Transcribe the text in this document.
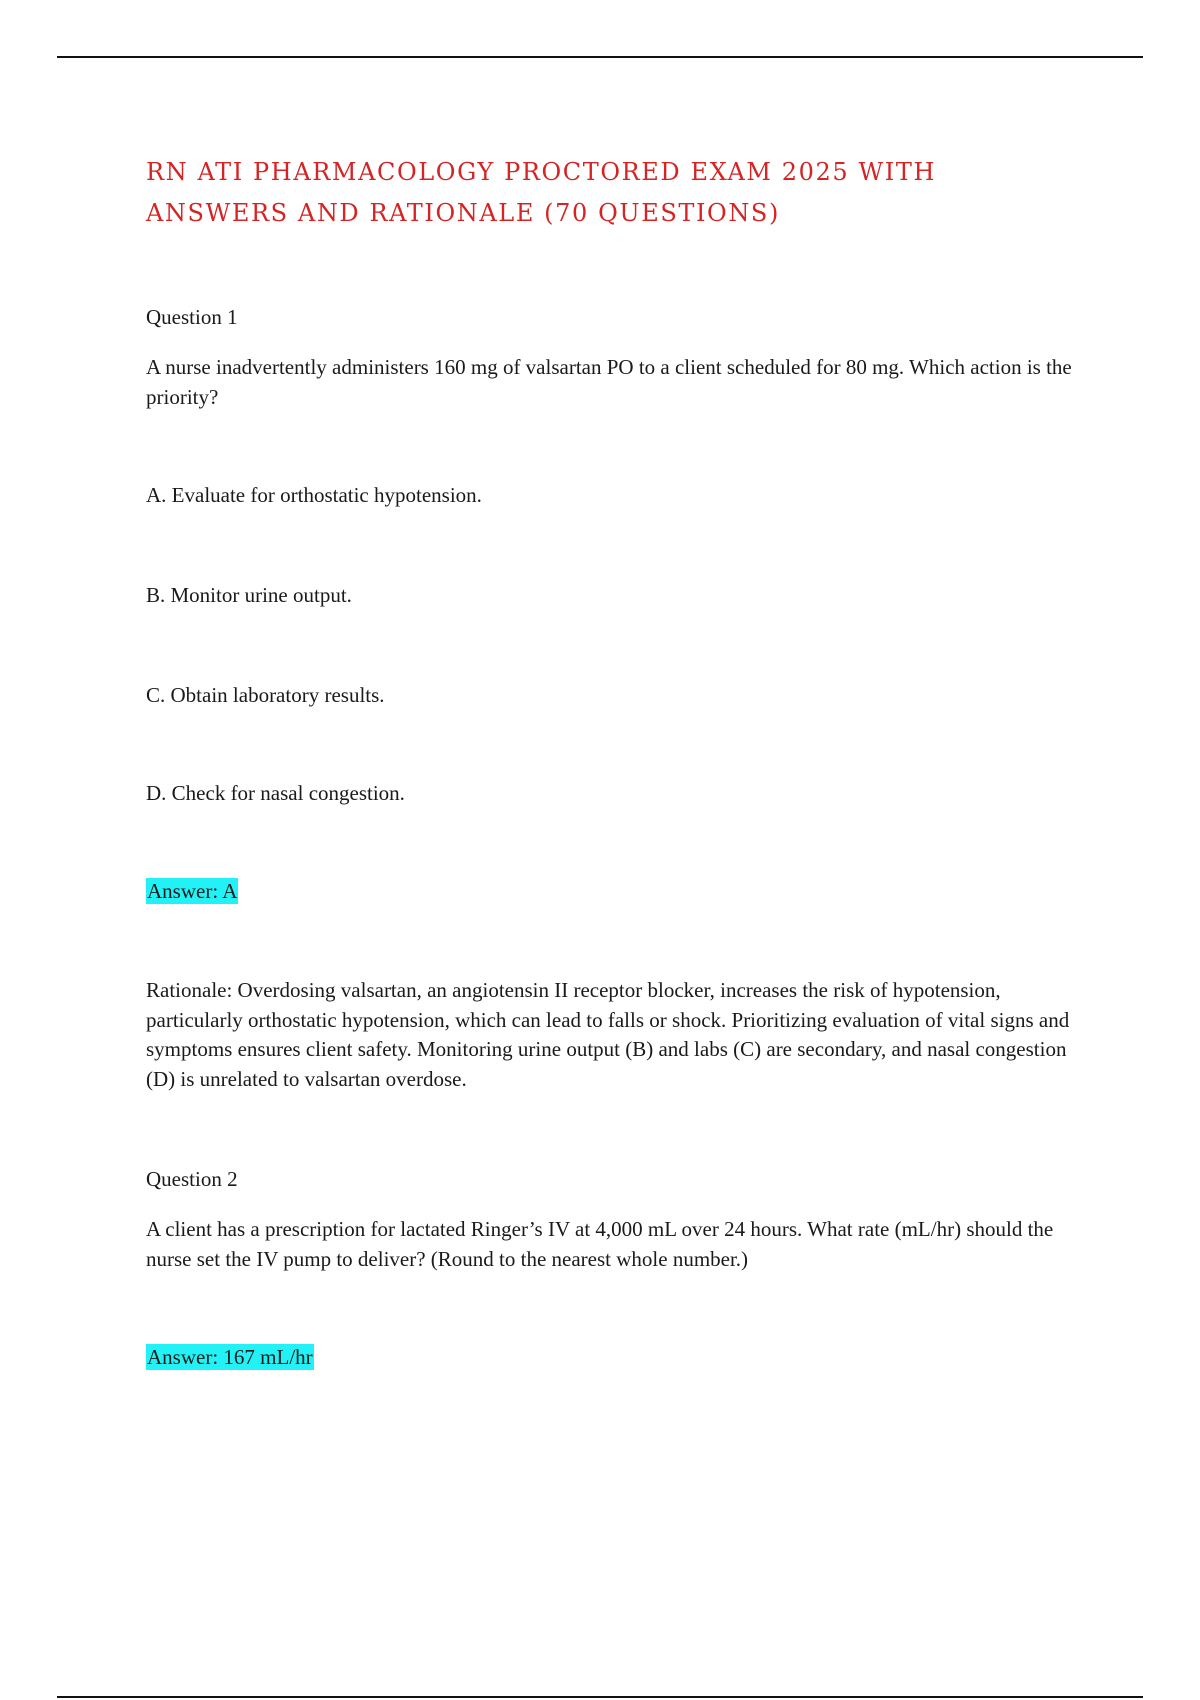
RN ATI PHARMACOLOGY PROCTORED EXAM 2025 WITH ANSWERS AND RATIONALE (70 QUESTIONS)
Question 1
A nurse inadvertently administers 160 mg of valsartan PO to a client scheduled for 80 mg. Which action is the priority?
A. Evaluate for orthostatic hypotension.
B. Monitor urine output.
C. Obtain laboratory results.
D. Check for nasal congestion.
Answer: A
Rationale: Overdosing valsartan, an angiotensin II receptor blocker, increases the risk of hypotension, particularly orthostatic hypotension, which can lead to falls or shock. Prioritizing evaluation of vital signs and symptoms ensures client safety. Monitoring urine output (B) and labs (C) are secondary, and nasal congestion (D) is unrelated to valsartan overdose.
Question 2
A client has a prescription for lactated Ringer’s IV at 4,000 mL over 24 hours. What rate (mL/hr) should the nurse set the IV pump to deliver? (Round to the nearest whole number.)
Answer: 167 mL/hr
